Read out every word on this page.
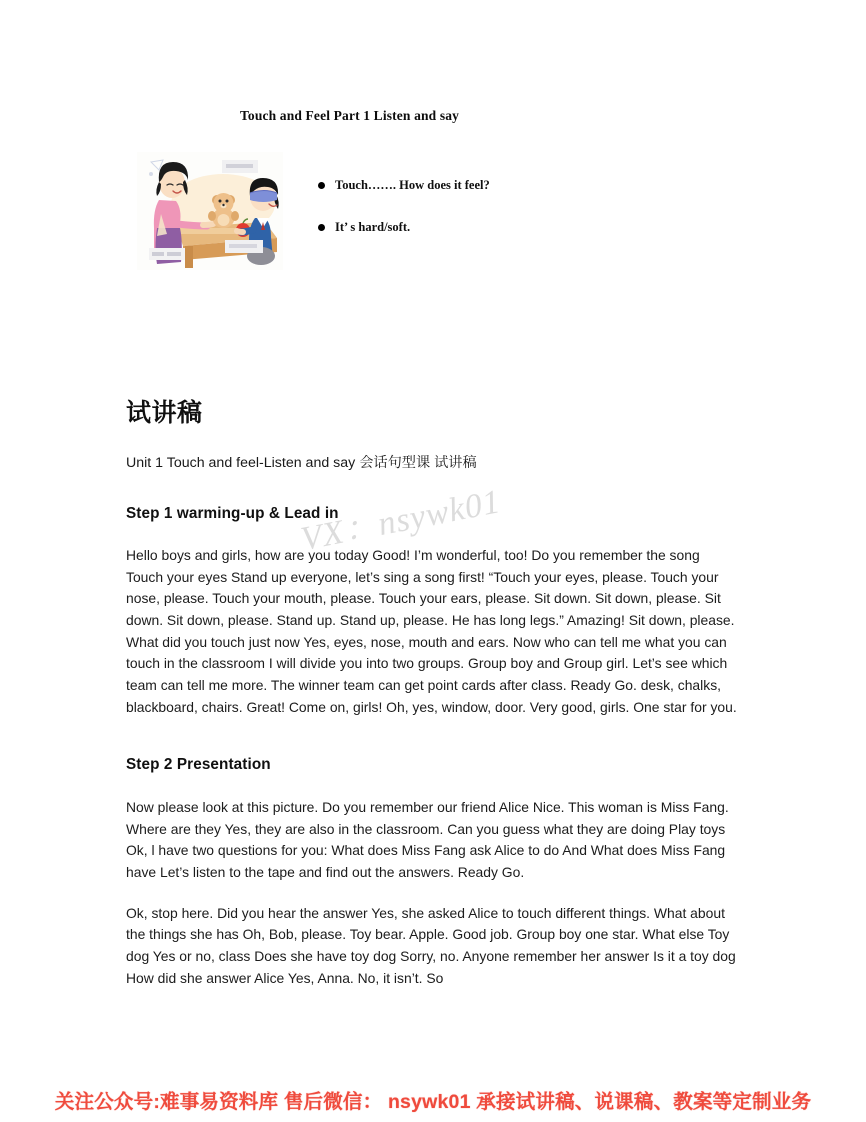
Touch and Feel Part 1 Listen and say
Touch……. How does it feel?
It’ s hard/soft.
VX：nsywk01
试讲稿

Unit 1 Touch and feel-Listen and say 会话句型课 试讲稿

Step 1 warming-up & Lead in

Hello boys and girls, how are you today Good! I’m wonderful, too! Do you remember the song Touch your eyes Stand up everyone, let’s sing a song first! “Touch your eyes, please. Touch your nose, please. Touch your mouth, please. Touch your ears, please. Sit down. Sit down, please. Sit down. Sit down, please. Stand up. Stand up, please. He has long legs.” Amazing! Sit down, please. What did you touch just now Yes, eyes, nose, mouth and ears. Now who can tell me what you can touch in the classroom I will divide you into two groups. Group boy and Group girl. Let’s see which team can tell me more. The winner team can get point cards after class. Ready Go. desk, chalks, blackboard, chairs. Great! Come on, girls! Oh, yes, window, door. Very good, girls. One star for you.

Step 2 Presentation

Now please look at this picture. Do you remember our friend Alice Nice. This woman is Miss Fang. Where are they Yes, they are also in the classroom. Can you guess what they are doing Play toys Ok, l have two questions for you: What does Miss Fang ask Alice to do And What does Miss Fang have Let’s listen to the tape and find out the answers. Ready Go.

Ok, stop here. Did you hear the answer Yes, she asked Alice to touch different things. What about the things she has Oh, Bob, please. Toy bear. Apple. Good job. Group boy one star. What else Toy dog Yes or no, class Does she have toy dog Sorry, no. Anyone remember her answer Is it a toy dog How did she answer Alice Yes, Anna. No, it isn’t. So

关注公众号:难事易资料库 售后微信： nsywk01 承接试讲稿、说课稿、教案等定制业务
